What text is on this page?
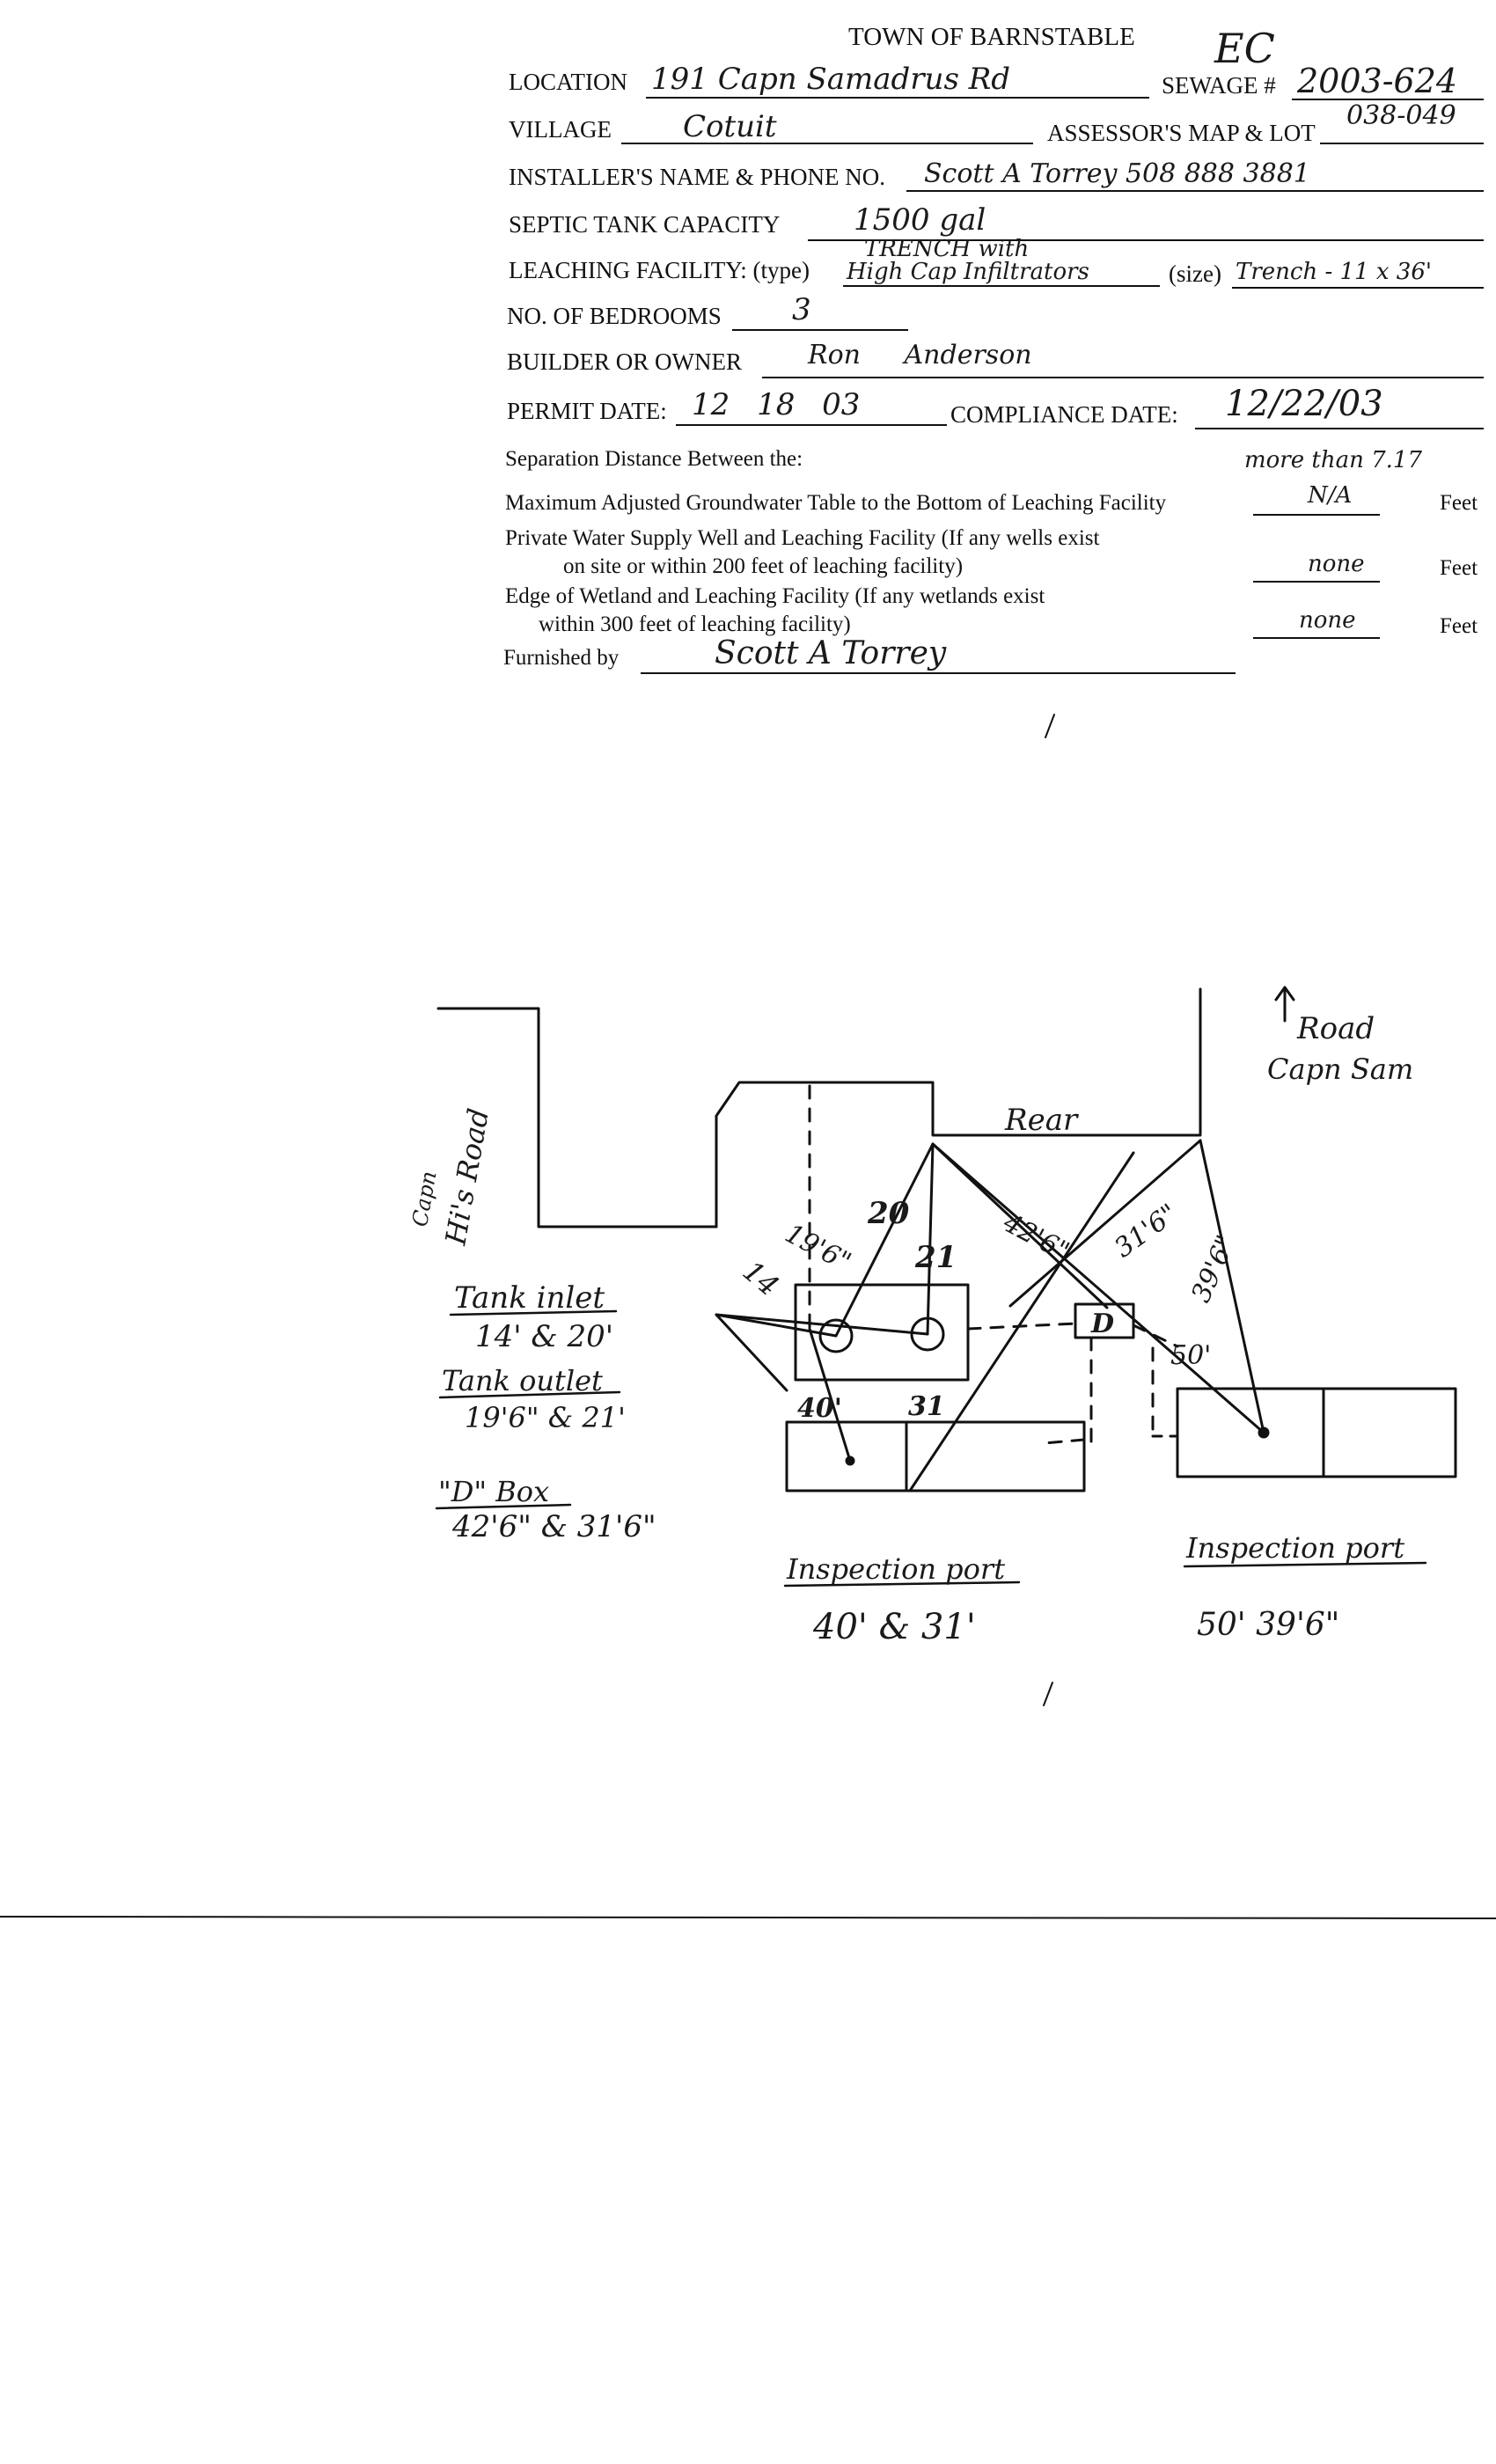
TOWN OF BARNSTABLE EC
LOCATION 191 Capn Samadrus Rd	SEWAGE # 2003-624
VILLAGE Cotuit	ASSESSOR'S MAP & LOT
038-049
INSTALLER'S NAME & PHONE NO. Scott A Torrey 508 888 3881
SEPTIC TANK CAPACITY 1500 gal
TRENCH with
LEACHING FACILITY: (type) High Cap Infiltrators	(size) Trench - 11 x 36'
NO. OF BEDROOMS 3
BUILDER OR OWNER	Ron Anderson
PERMIT DATE: 12 18 03	COMPLIANCE DATE: 12/22/03
Separation Distance Between the:	more than 7.17
Maximum Adjusted Groundwater Table to the Bottom of Leaching Facility	N/A	Feet
Private Water Supply Well and Leaching Facility (If any wells exist
on site or within 200 feet of leaching facility)	none	Feet
Edge of Wetland and Leaching Facility (If any wetlands exist
within 300 feet of leaching facility)	none	Feet
Furnished by	Scott A Torrey
Road
Capn Sam
Hi's Road
Capn
Rear
D
14
19'6"
20
21 42'6" 31'6" 39'6"
50'
40'	31
Tank inlet
14' & 20'
Tank outlet
19'6" & 21'
"D" Box
42'6" & 31'6"
Inspection port
40' & 31'
Inspection port
50' 39'6"
